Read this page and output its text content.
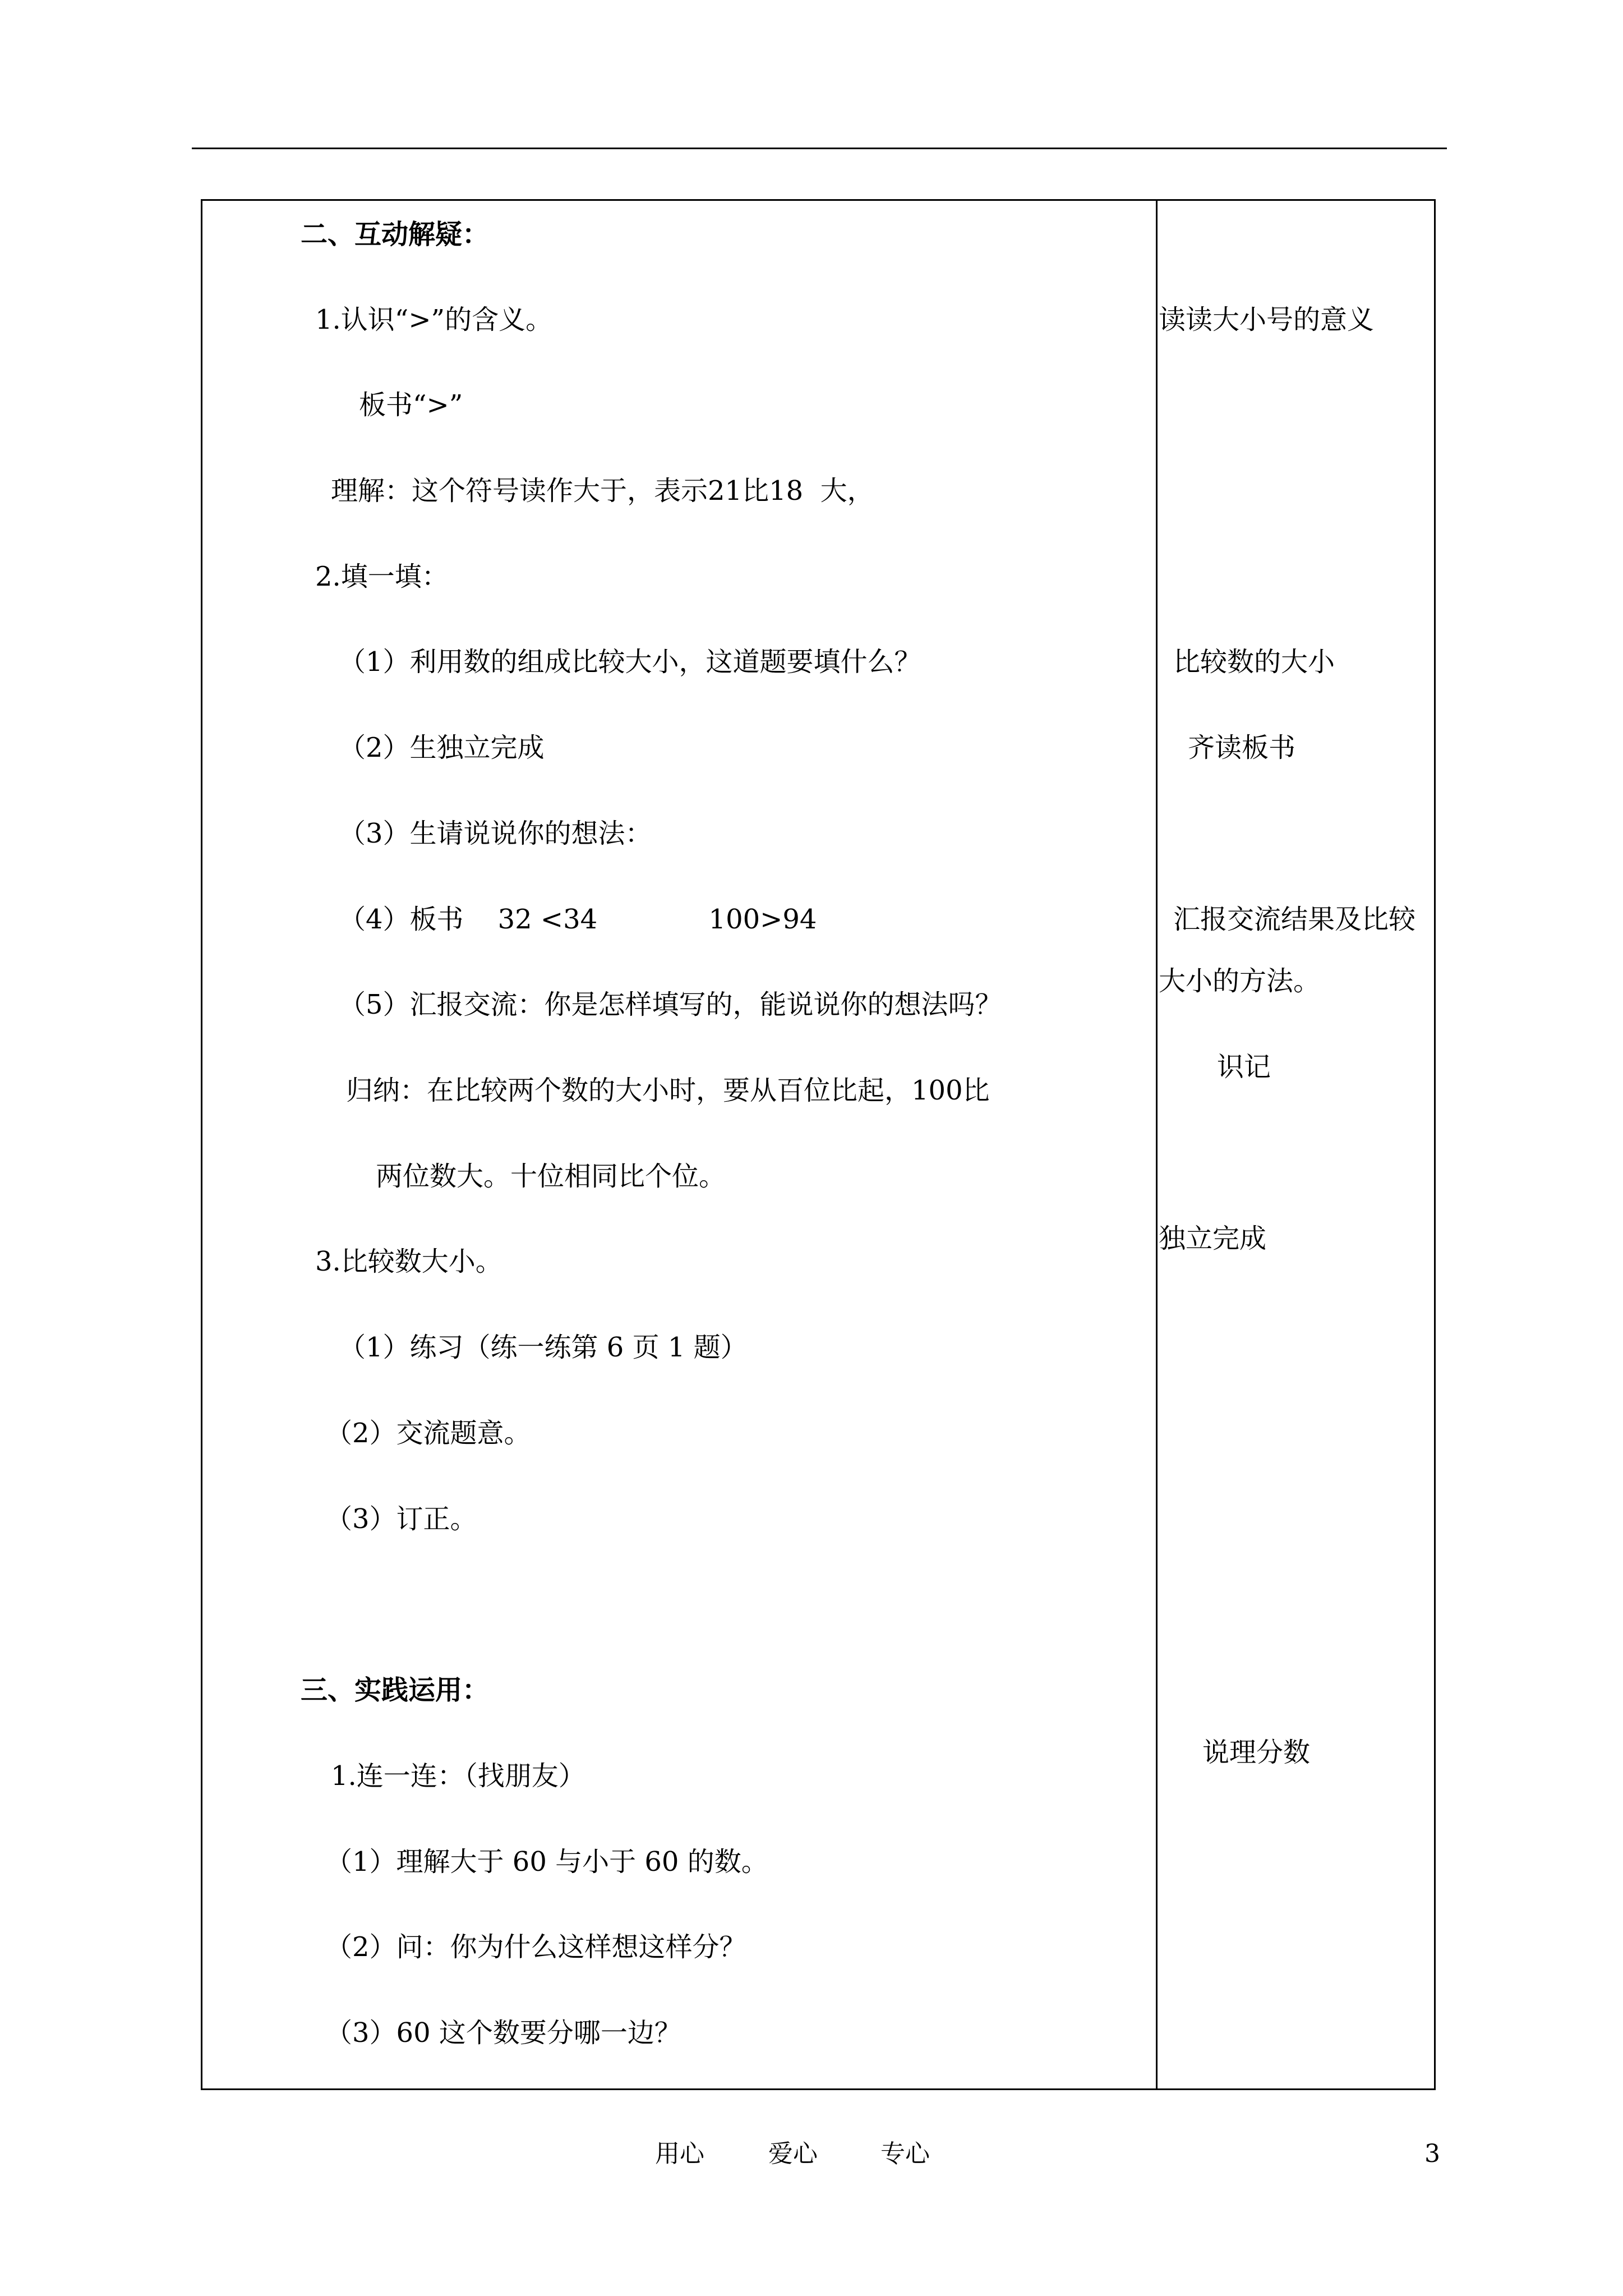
二、互动解疑：
1.认识“>”的含义。
板书“>”
理解：这个符号读作大于，表示21比18  大，
2.填一填：
（1）利用数的组成比较大小，这道题要填什么？
（2）生独立完成
（3）生请说说你的想法：
（4）板书    32 <34             100>94
（5）汇报交流：你是怎样填写的，能说说你的想法吗？
归纳：在比较两个数的大小时，要从百位比起，100比
两位数大。十位相同比个位。
3.比较数大小。
（1）练习（练一练第 6 页 1 题）
（2）交流题意。
（3）订正。
三、实践运用：
1.连一连：（找朋友）
（1）理解大于 60 与小于 60 的数。
（2）问：你为什么这样想这样分？
（3）60 这个数要分哪一边？
读读大小号的意义
比较数的大小
齐读板书
汇报交流结果及比较
大小的方法。
识记
独立完成
说理分数
用心	爱心	专心	3
